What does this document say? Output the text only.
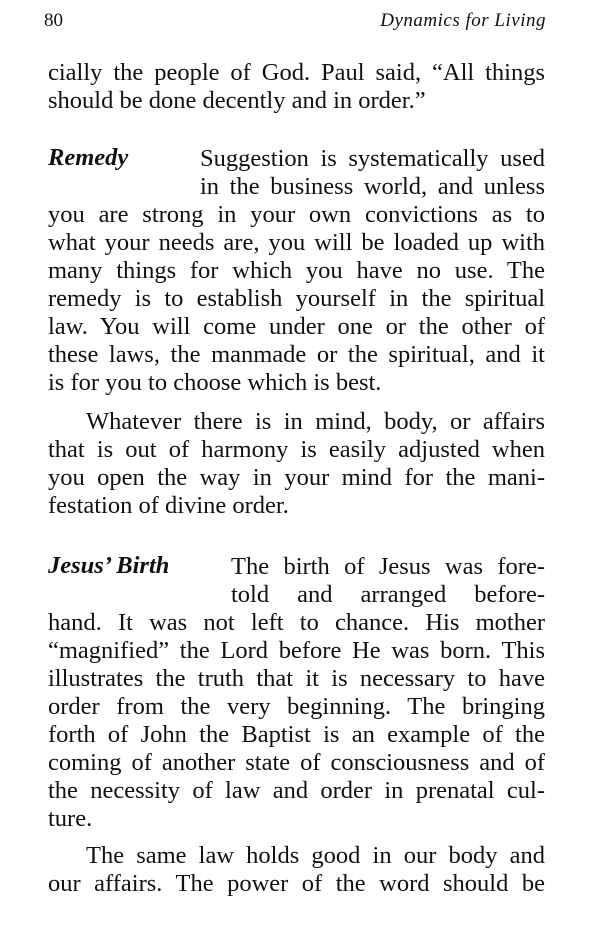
80	Dynamics for Living
cially the people of God. Paul said, “All things
should be done decently and in order.”
Remedy	Suggestion is systematically used
in the business world, and unless
you are strong in your own convictions as to
what your needs are, you will be loaded up with
many things for which you have no use. The
remedy is to establish yourself in the spiritual
law. You will come under one or the other of
these laws, the manmade or the spiritual, and it
is for you to choose which is best.
Whatever there is in mind, body, or affairs
that is out of harmony is easily adjusted when
you open the way in your mind for the mani-
festation of divine order.
Jesus’ Birth	The birth of Jesus was fore-
told and arranged before-
hand. It was not left to chance. His mother
“magnified” the Lord before He was born. This
illustrates the truth that it is necessary to have
order from the very beginning. The bringing
forth of John the Baptist is an example of the
coming of another state of consciousness and of
the necessity of law and order in prenatal cul-
ture.
The same law holds good in our body and
our affairs. The power of the word should be
